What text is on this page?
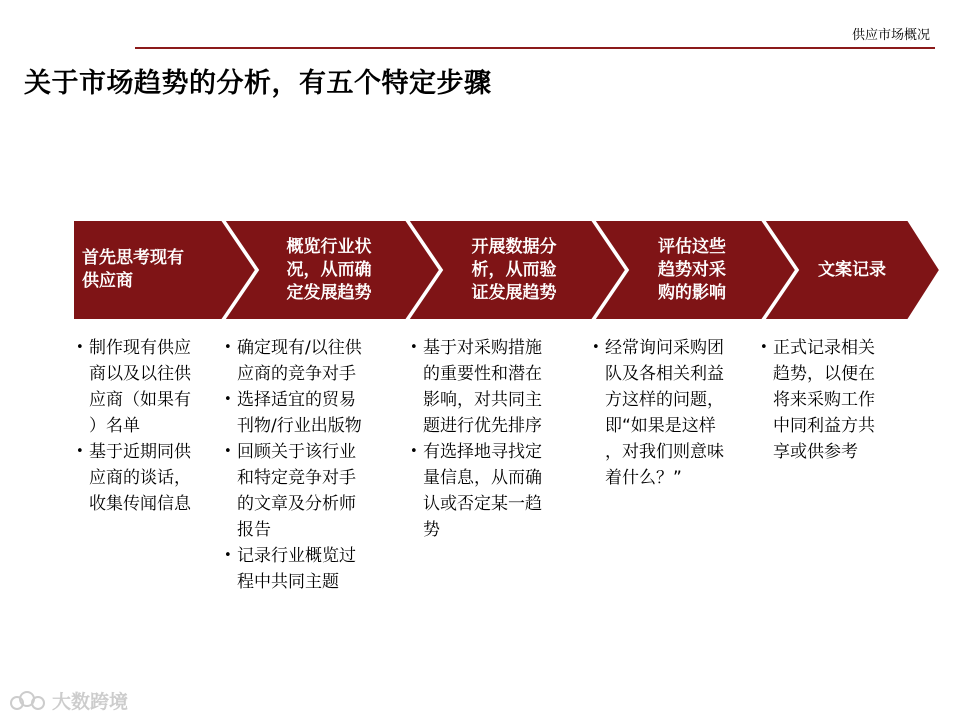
供应市场概况
关于市场趋势的分析，有五个特定步骤
首先思考现有
供应商
概览行业状
况，从而确
定发展趋势
开展数据分
析，从而验
证发展趋势
评估这些
趋势对采
购的影响
文案记录
• 制作现有供应
商以及以往供
应商（如果有
）名单
• 基于近期同供
应商的谈话，
收集传闻信息
• 确定现有/以往供
应商的竞争对手
• 选择适宜的贸易
刊物/行业出版物
• 回顾关于该行业
和特定竞争对手
的文章及分析师
报告
• 记录行业概览过
程中共同主题
• 基于对采购措施
的重要性和潜在
影响，对共同主
题进行优先排序
• 有选择地寻找定
量信息，从而确
认或否定某一趋
势
• 经常询问采购团
队及各相关利益
方这样的问题，
即“如果是这样
，对我们则意味
着什么？”
• 正式记录相关
趋势，以便在
将来采购工作
中同利益方共
享或供参考
大数跨境
